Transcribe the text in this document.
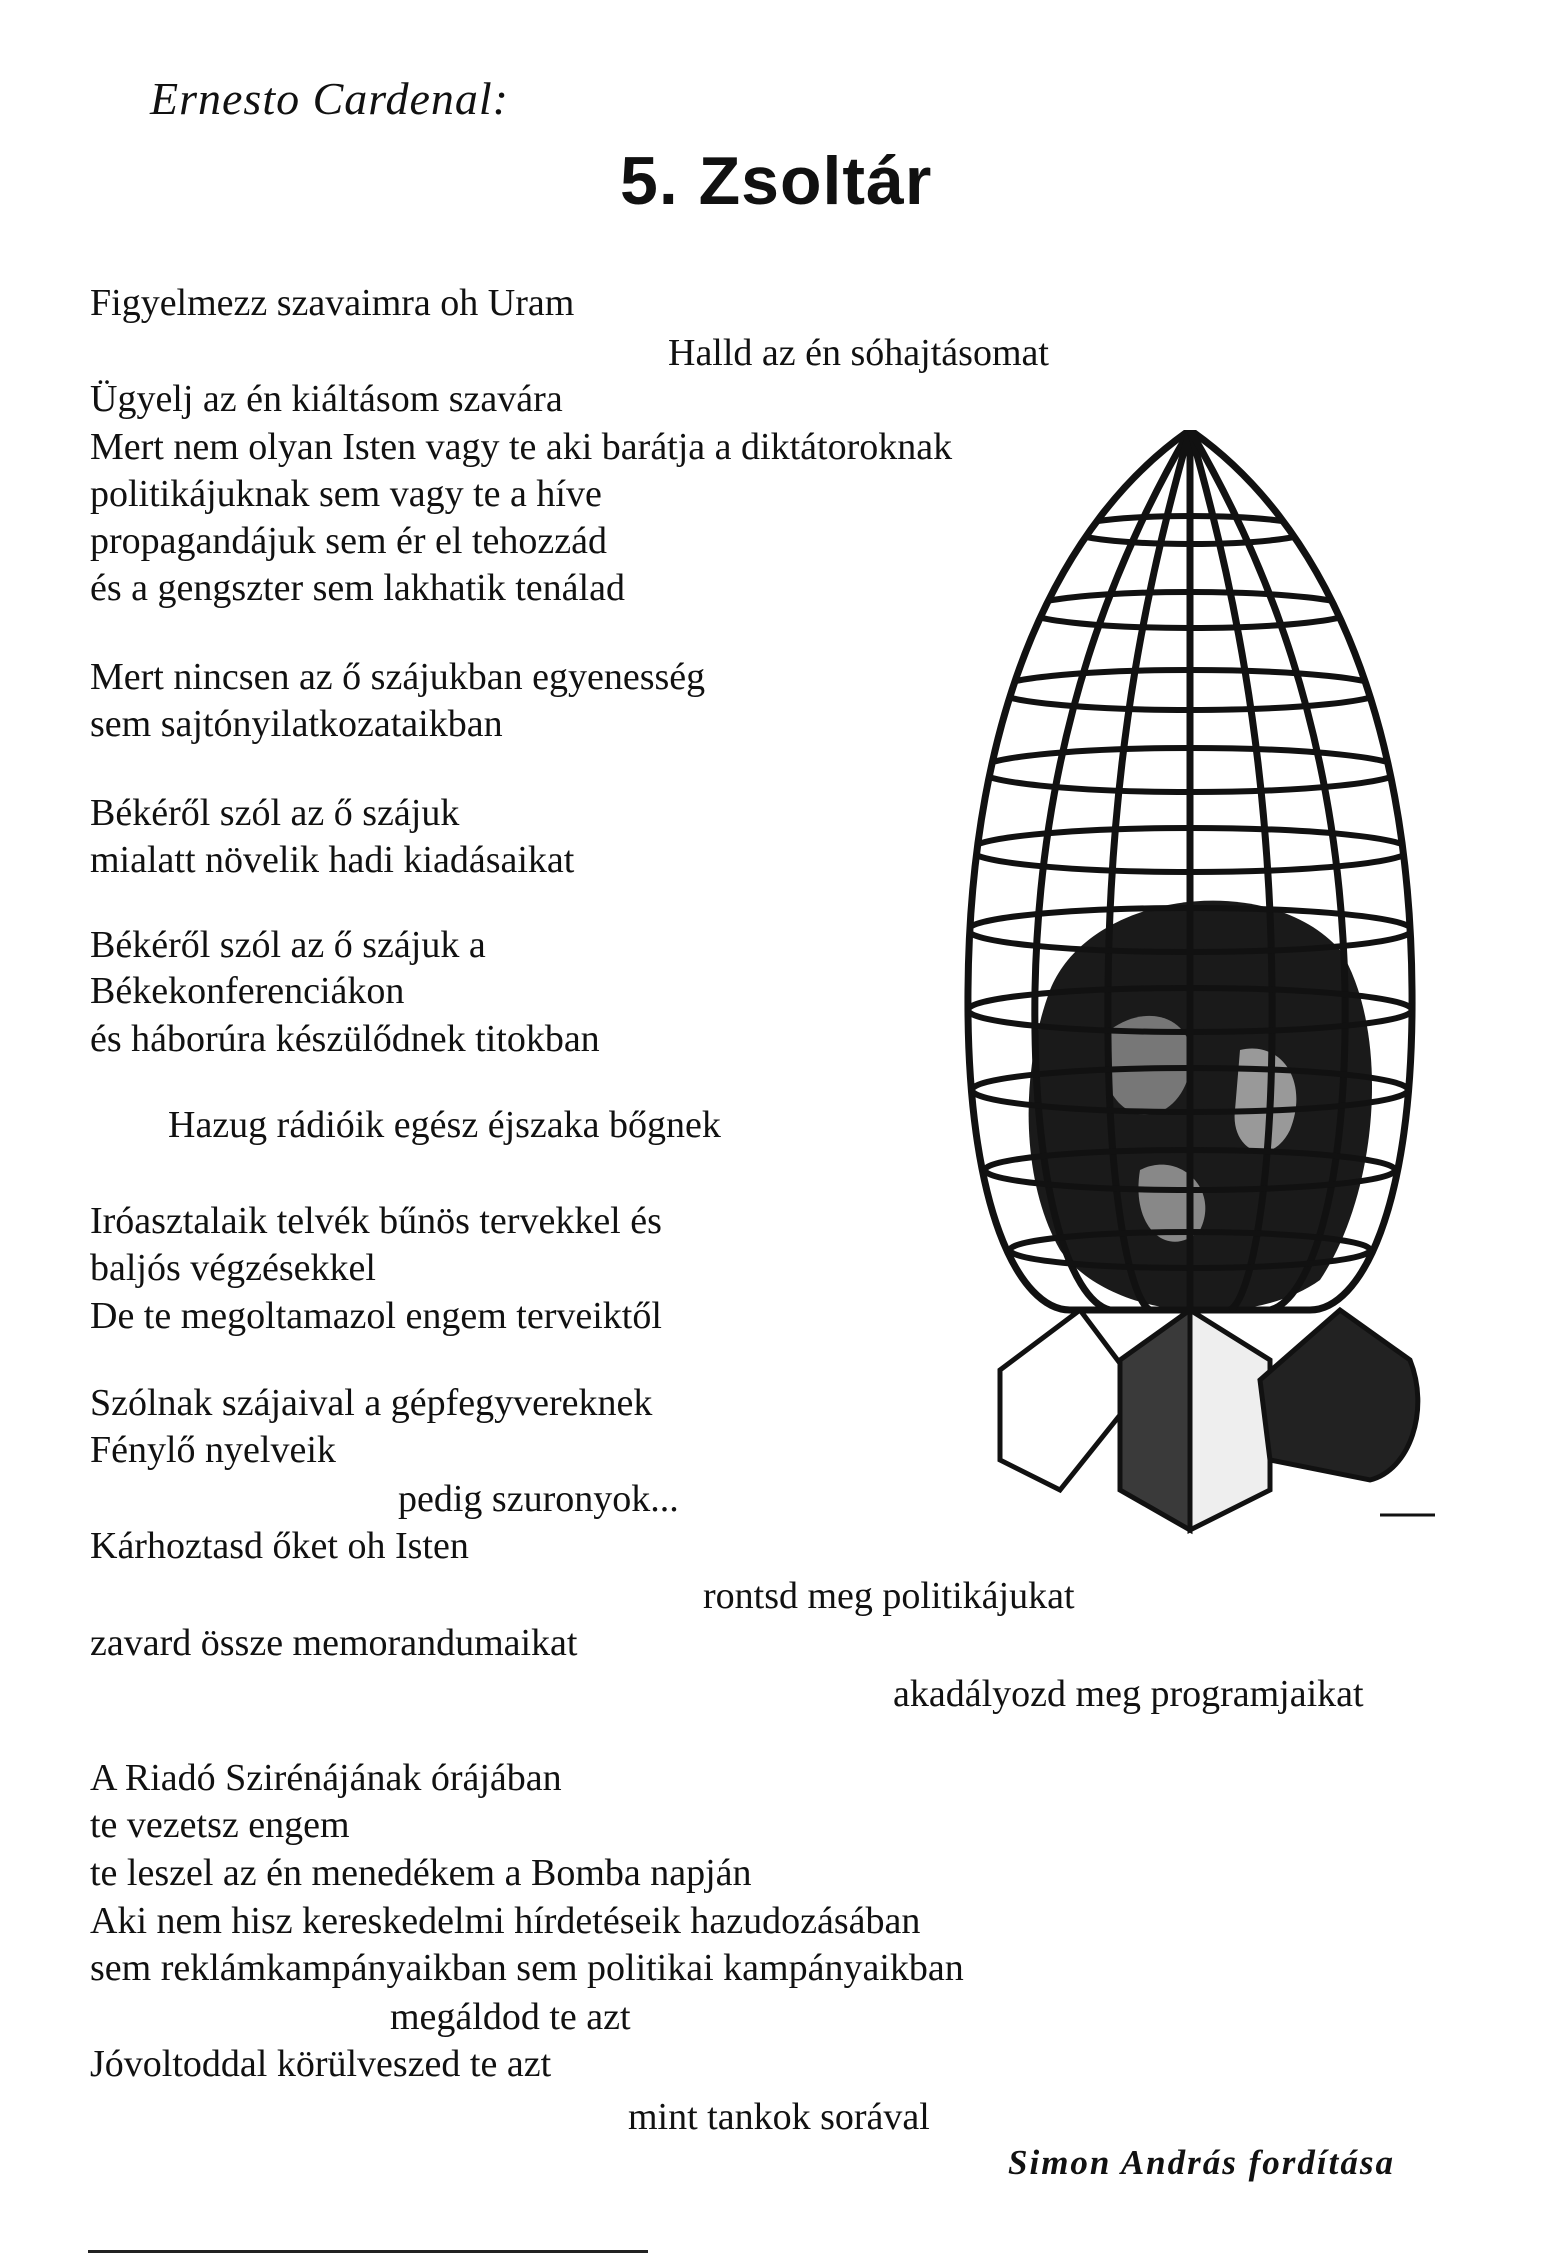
Ernesto Cardenal:
5. Zsoltár
Figyelmezz szavaimra oh Uram
Halld az én sóhajtásomat
Ügyelj az én kiáltásom szavára
Mert nem olyan Isten vagy te aki barátja a diktátoroknak
politikájuknak sem vagy te a híve
propagandájuk sem ér el tehozzád
és a gengszter sem lakhatik tenálad
Mert nincsen az ő szájukban egyenesség
sem sajtónyilatkozataikban
Békéről szól az ő szájuk
mialatt növelik hadi kiadásaikat
Békéről szól az ő szájuk a
Békekonferenciákon
és háborúra készülődnek titokban
Hazug rádióik egész éjszaka bőgnek
Iróasztalaik telvék bűnös tervekkel és
baljós végzésekkel
De te megoltamazol engem terveiktől
Szólnak szájaival a gépfegyvereknek
Fénylő nyelveik
pedig szuronyok...
Kárhoztasd őket oh Isten
rontsd meg politikájukat
zavard össze memorandumaikat
akadályozd meg programjaikat
A Riadó Szirénájának órájában
te vezetsz engem
te leszel az én menedékem a Bomba napján
Aki nem hisz kereskedelmi hírdetéseik hazudozásában
sem reklámkampányaikban sem politikai kampányaikban
megáldod te azt
Jóvoltoddal körülveszed te azt
mint tankok sorával
Simon András fordítása
